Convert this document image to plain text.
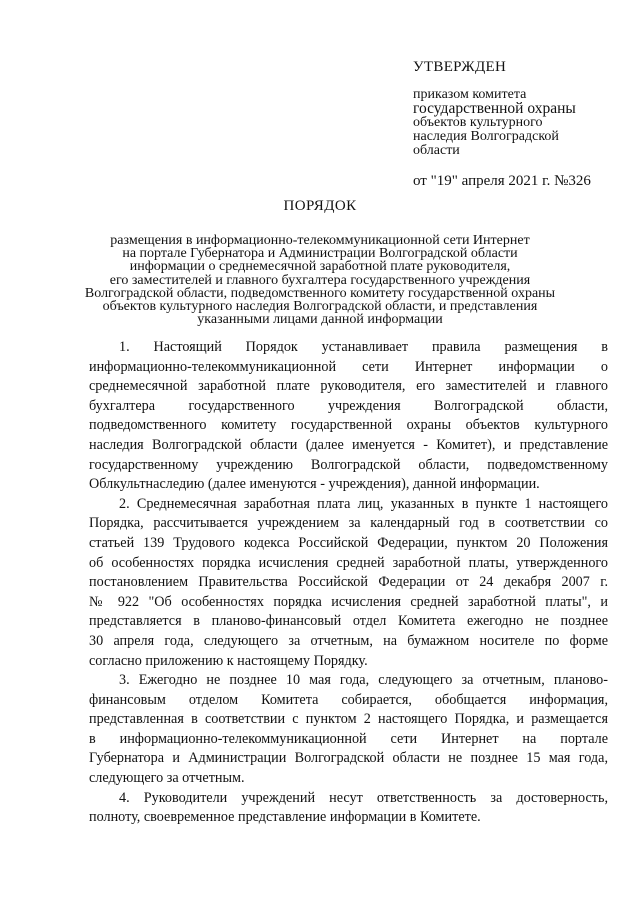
УТВЕРЖДЕН
приказом комитета
государственной охраны
объектов культурного
наследия Волгоградской
области
от "19" апреля 2021 г. №326
ПОРЯДОК
размещения в информационно-телекоммуникационной сети Интернет
на портале Губернатора и Администрации Волгоградской области
информации о среднемесячной заработной плате руководителя,
его заместителей и главного бухгалтера государственного учреждения
Волгоградской области, подведомственного комитету государственной охраны
объектов культурного наследия Волгоградской области, и представления
указанными лицами данной информации
1. Настоящий Порядок устанавливает правила размещения в
информационно-телекоммуникационной сети Интернет информации о
среднемесячной заработной плате руководителя, его заместителей и главного
бухгалтера государственного учреждения Волгоградской области,
подведомственного комитету государственной охраны объектов культурного
наследия Волгоградской области (далее именуется - Комитет), и представление
государственному учреждению Волгоградской области, подведомственному
Облкультнаследию (далее именуются - учреждения), данной информации.
2. Среднемесячная заработная плата лиц, указанных в пункте 1 настоящего
Порядка, рассчитывается учреждением за календарный год в соответствии со
статьей 139 Трудового кодекса Российской Федерации, пунктом 20 Положения
об особенностях порядка исчисления средней заработной платы, утвержденного
постановлением Правительства Российской Федерации от 24 декабря 2007 г.
№ 922 "Об особенностях порядка исчисления средней заработной платы", и
представляется в планово-финансовый отдел Комитета ежегодно не позднее
30 апреля года, следующего за отчетным, на бумажном носителе по форме
согласно приложению к настоящему Порядку.
3. Ежегодно не позднее 10 мая года, следующего за отчетным, планово-
финансовым отделом Комитета собирается, обобщается информация,
представленная в соответствии с пунктом 2 настоящего Порядка, и размещается
в информационно-телекоммуникационной сети Интернет на портале
Губернатора и Администрации Волгоградской области не позднее 15 мая года,
следующего за отчетным.
4. Руководители учреждений несут ответственность за достоверность,
полноту, своевременное представление информации в Комитете.
